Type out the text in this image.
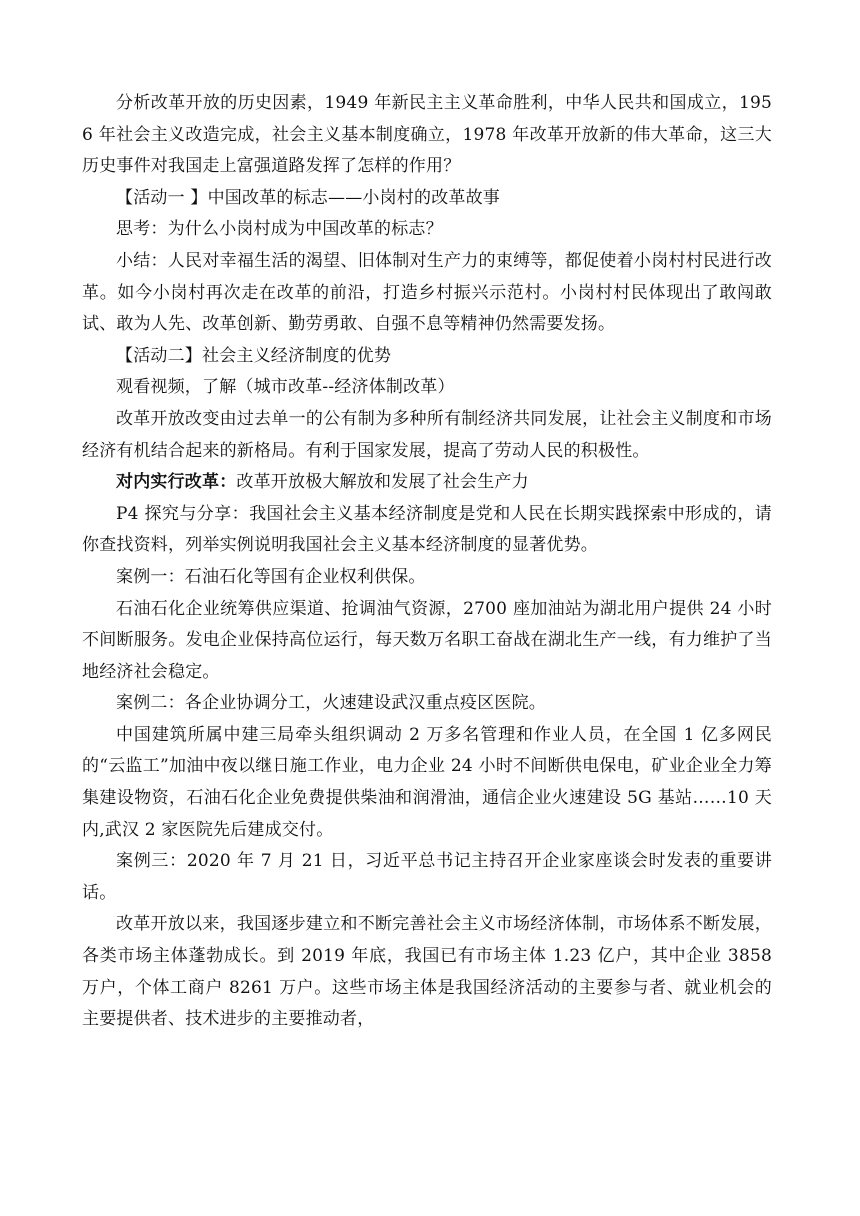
分析改革开放的历史因素，1949 年新民主主义革命胜利，中华人民共和国成立，1956 年社会主义改造完成，社会主义基本制度确立，1978 年改革开放新的伟大革命，这三大历史事件对我国走上富强道路发挥了怎样的作用？

【活动一 】中国改革的标志——小岗村的改革故事

思考：为什么小岗村成为中国改革的标志？

小结：人民对幸福生活的渴望、旧体制对生产力的束缚等，都促使着小岗村村民进行改革。如今小岗村再次走在改革的前沿，打造乡村振兴示范村。小岗村村民体现出了敢闯敢试、敢为人先、改革创新、勤劳勇敢、自强不息等精神仍然需要发扬。

【活动二】社会主义经济制度的优势

观看视频，了解（城市改革--经济体制改革）

改革开放改变由过去单一的公有制为多种所有制经济共同发展，让社会主义制度和市场经济有机结合起来的新格局。有利于国家发展，提高了劳动人民的积极性。

对内实行改革：改革开放极大解放和发展了社会生产力

P4 探究与分享：我国社会主义基本经济制度是党和人民在长期实践探索中形成的，请你查找资料，列举实例说明我国社会主义基本经济制度的显著优势。

案例一：石油石化等国有企业权利供保。

石油石化企业统筹供应渠道、抢调油气资源，2700 座加油站为湖北用户提供 24 小时不间断服务。发电企业保持高位运行，每天数万名职工奋战在湖北生产一线，有力维护了当地经济社会稳定。

案例二：各企业协调分工，火速建设武汉重点疫区医院。

中国建筑所属中建三局牵头组织调动 2 万多名管理和作业人员，在全国 1 亿多网民的“云监工”加油中夜以继日施工作业，电力企业 24 小时不间断供电保电，矿业企业全力筹集建设物资，石油石化企业免费提供柴油和润滑油，通信企业火速建设 5G 基站……10 天内,武汉 2 家医院先后建成交付。

案例三：2020 年 7 月 21 日，习近平总书记主持召开企业家座谈会时发表的重要讲话。

改革开放以来，我国逐步建立和不断完善社会主义市场经济体制，市场体系不断发展，各类市场主体蓬勃成长。到 2019 年底，我国已有市场主体 1.23 亿户，其中企业 3858 万户，个体工商户 8261 万户。这些市场主体是我国经济活动的主要参与者、就业机会的主要提供者、技术进步的主要推动者，
